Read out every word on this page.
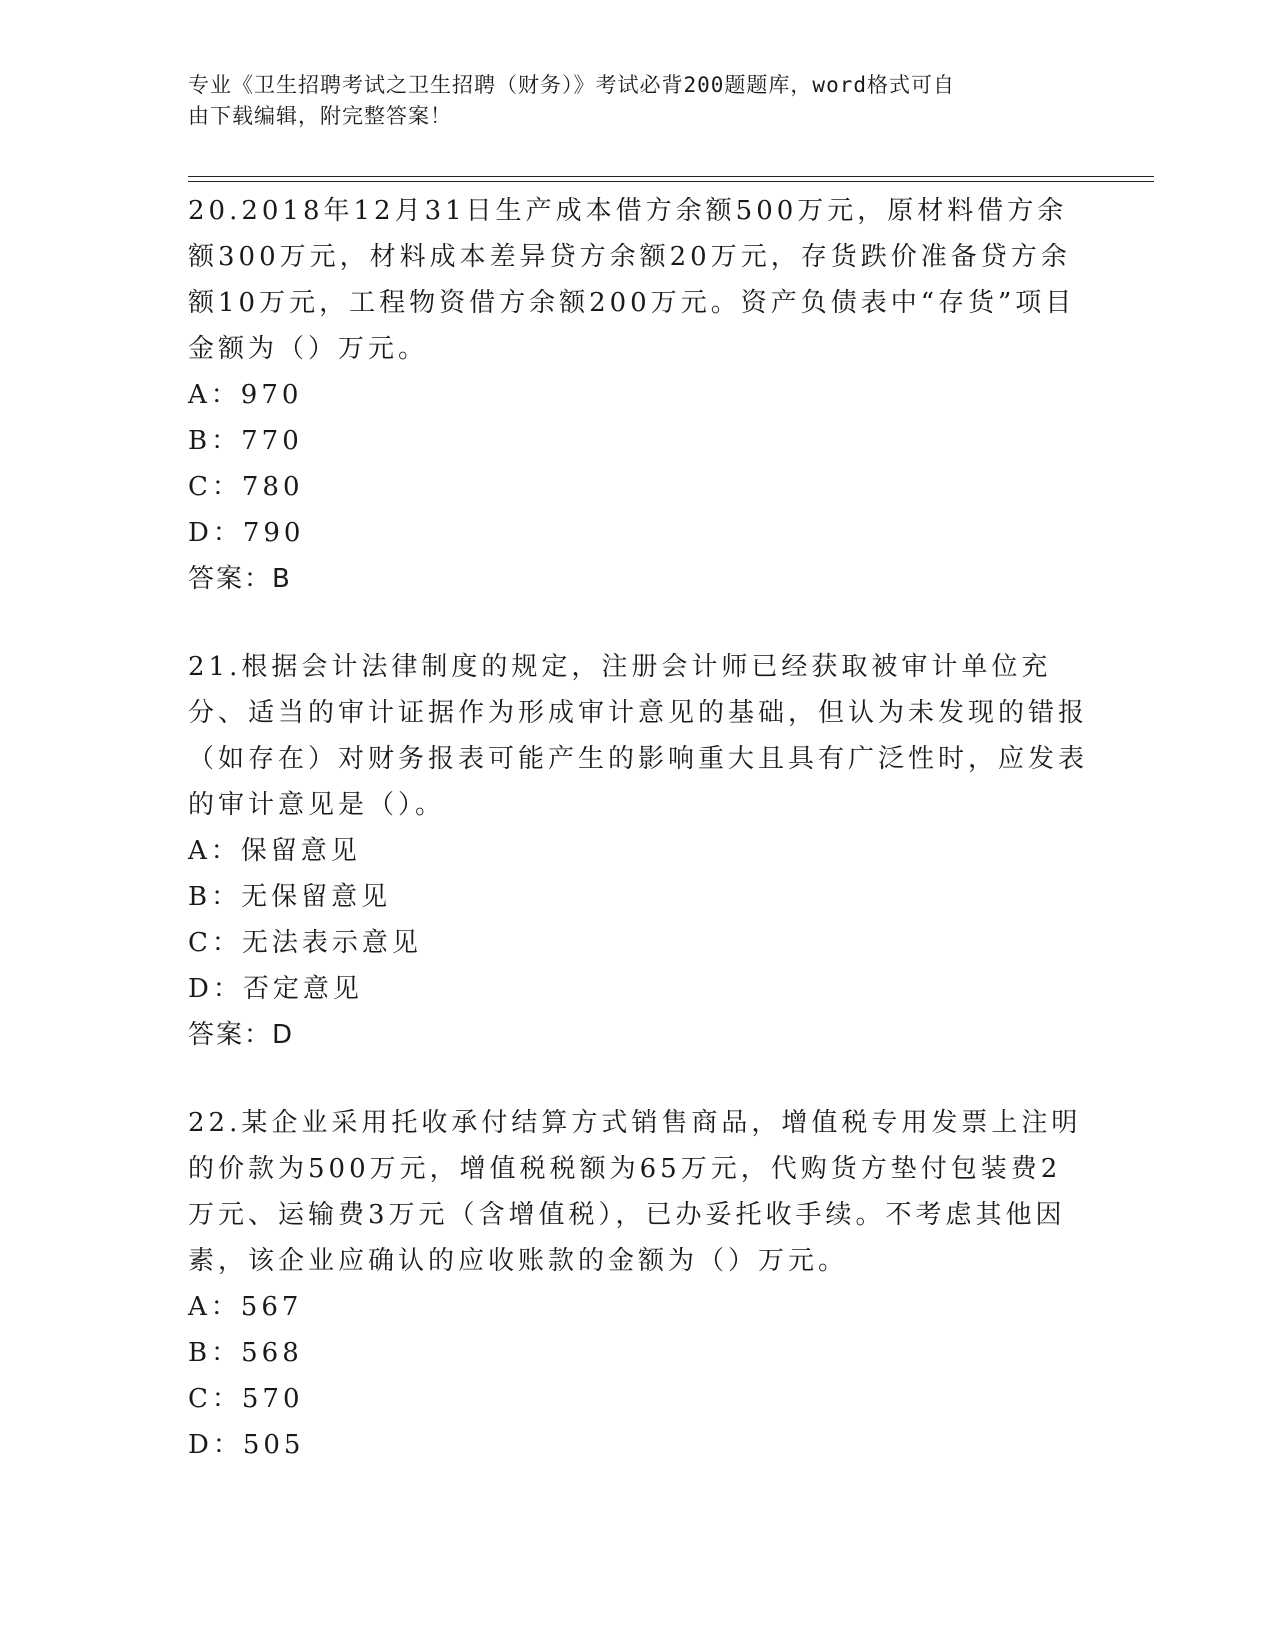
专业《卫生招聘考试之卫生招聘（财务）》考试必背200题题库，word格式可自
由下载编辑，附完整答案！

20.2018年12月31日生产成本借方余额500万元，原材料借方余额300万元，材料成本差异贷方余额20万元，存货跌价准备贷方余额10万元，工程物资借方余额200万元。资产负债表中“存货”项目金额为（）万元。

A：970

B：770

C：780

D：790

答案：B

21.根据会计法律制度的规定，注册会计师已经获取被审计单位充分、适当的审计证据作为形成审计意见的基础，但认为未发现的错报（如存在）对财务报表可能产生的影响重大且具有广泛性时，应发表的审计意见是（）。

A：保留意见

B：无保留意见

C：无法表示意见

D：否定意见

答案：D

22.某企业采用托收承付结算方式销售商品，增值税专用发票上注明的价款为500万元，增值税税额为65万元，代购货方垫付包装费2万元、运输费3万元（含增值税），已办妥托收手续。不考虑其他因素，该企业应确认的应收账款的金额为（）万元。

A：567

B：568

C：570

D：505
